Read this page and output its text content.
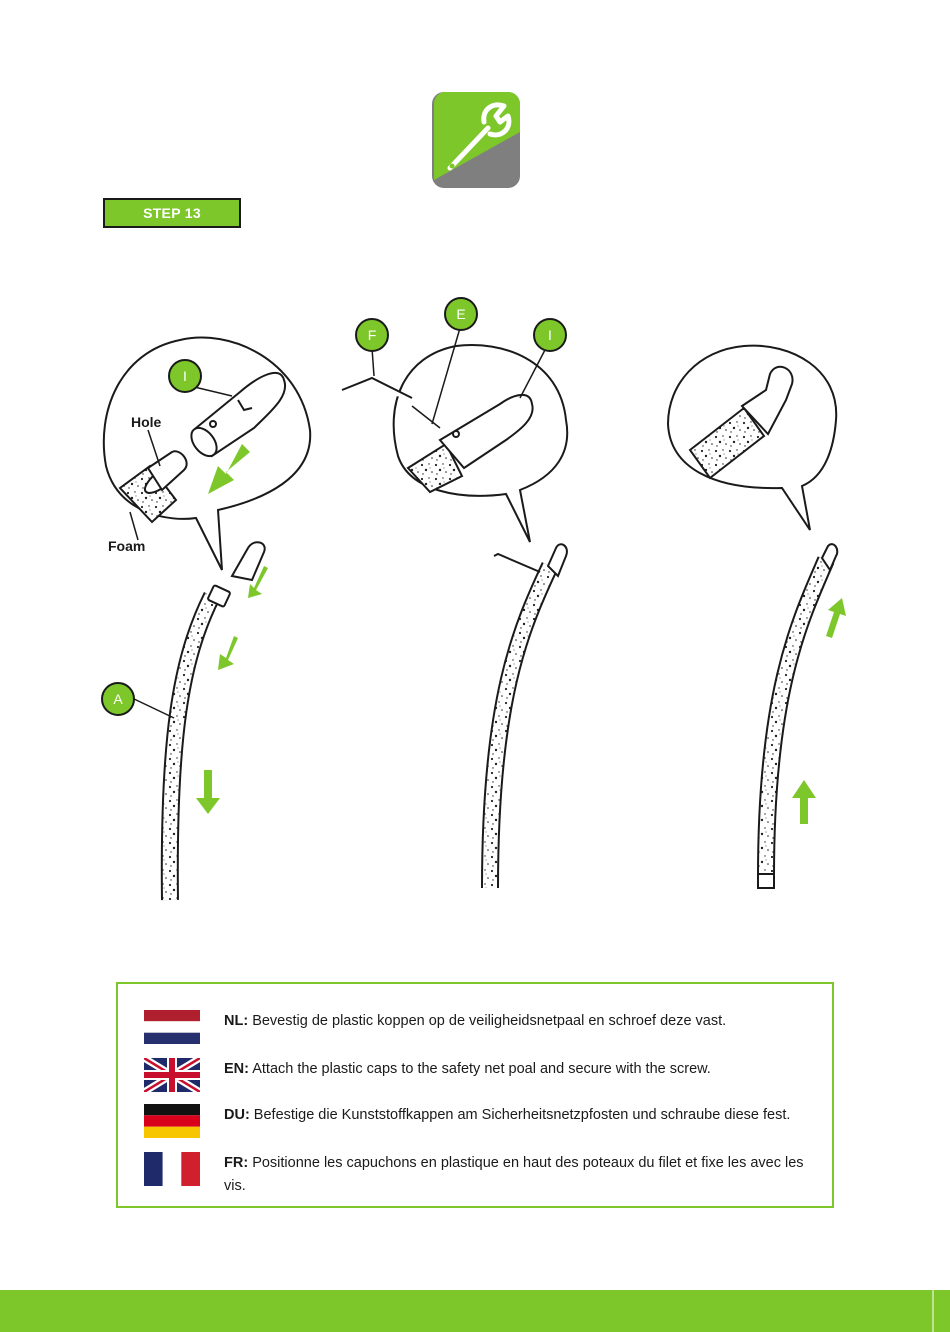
STEP 13
Hole
Foam
I
A
F
E
I
NL: Bevestig de plastic koppen op de veiligheidsnetpaal en schroef deze vast.
EN: Attach the plastic caps to the safety net poal and secure with the screw.
DU: Befestige die Kunststoffkappen am Sicherheitsnetzpfosten und schraube diese fest.
FR: Positionne les capuchons en plastique en haut des poteaux du filet et fixe les avec les vis.
